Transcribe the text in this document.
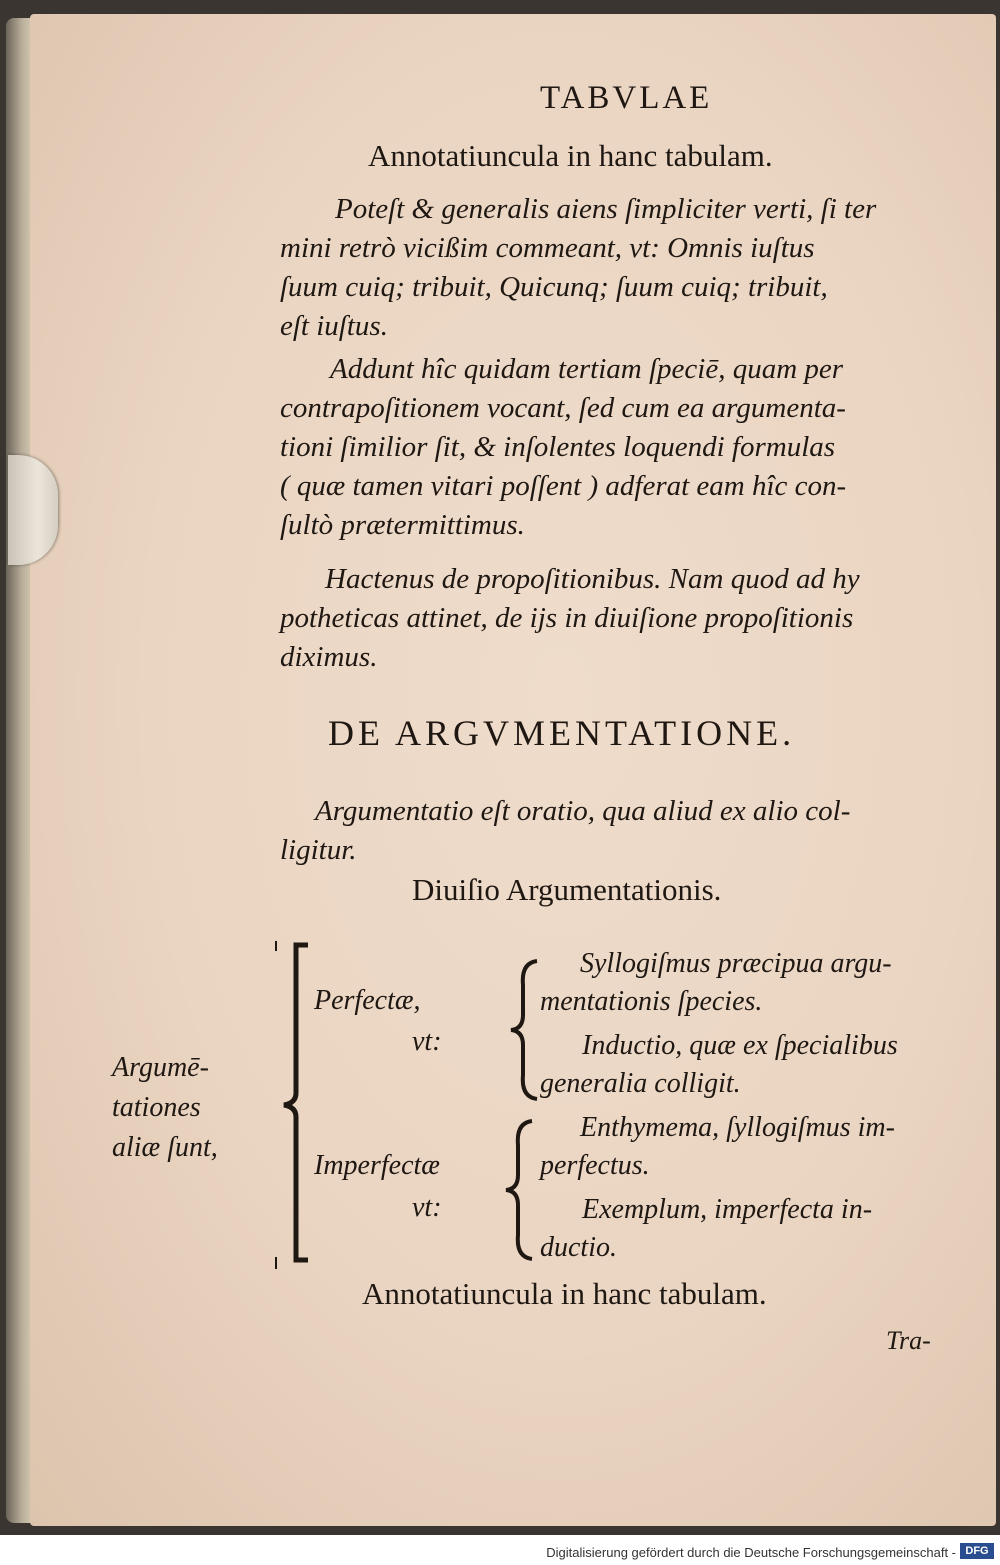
TABVLAE
Annotatiuncula in hanc tabulam.
Poteſt & generalis aiens ſimpliciter verti, ſi ter
mini retrò vicißim commeant, vt: Omnis iuſtus
ſuum cuiq; tribuit, Quicunq; ſuum cuiq; tribuit,
eſt iuſtus.
Addunt hîc quidam tertiam ſpeciē, quam per
contrapoſitionem vocant, ſed cum ea argumenta-
tioni ſimilior ſit, & inſolentes loquendi formulas
( quæ tamen vitari poſſent ) adferat eam hîc con-
ſultò prætermittimus.
Hactenus de propoſitionibus. Nam quod ad hy
potheticas attinet, de ijs in diuiſione propoſitionis
diximus.
DE ARGVMENTATIONE.
Argumentatio eſt oratio, qua aliud ex alio col-
ligitur.
Diuiſio Argumentationis.
Argumē-
tationes
aliæ ſunt,
Perfectæ,
vt:
Syllogiſmus præcipua argu-
mentationis ſpecies.
Inductio, quæ ex ſpecialibus
generalia colligit.
Imperfectæ
vt:
Enthymema, ſyllogiſmus im-
perfectus.
Exemplum, imperfecta in-
ductio.
Annotatiuncula in hanc tabulam.
Tra-
Digitalisierung gefördert durch die Deutsche Forschungsgemeinschaft - DFG
